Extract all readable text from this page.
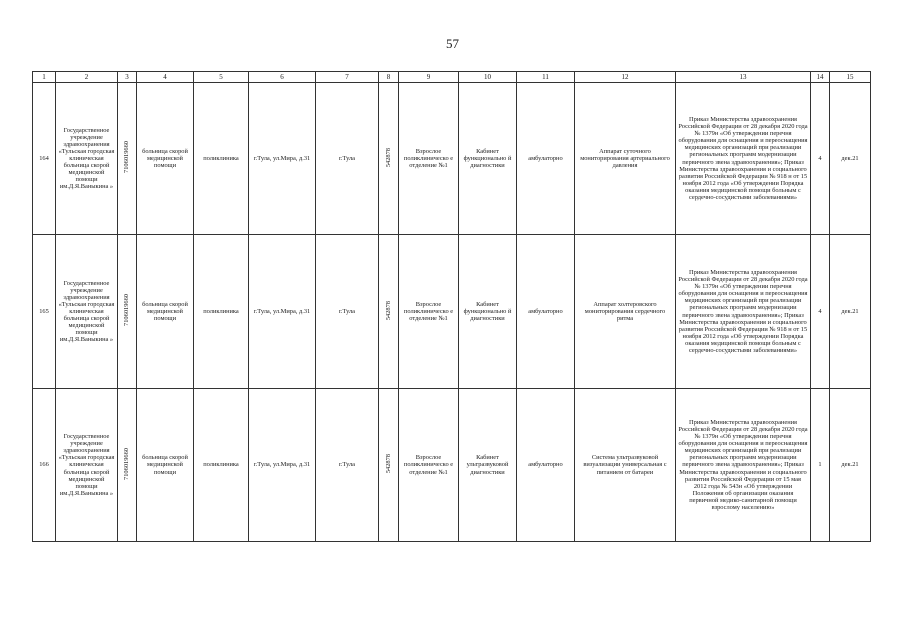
57
1	2	3	4	5	6	7	8	9	10	11	12	13	14	15
164	Государственное учреждение здравоохранения «Тульская городская клиническая больница скорой медицинской помощи им.Д.Я.Ваныкина »	7106019660	больница скорой медицинской помощи	поликлиника	г.Тула, ул.Мира, д.31	г.Тула	542878	Взрослое поликлиническо е отделение №1	Кабинет функционально й диагностики	амбулаторно	Аппарат суточного мониторирования артериального давления	Приказ Министерства здравоохранения Российской Федерации от 28 декабря 2020 года № 1379н «Об утверждении перечня оборудования для оснащения и переоснащения медицинских организаций при реализации региональных программ модернизации первичного звена здравоохранения»; Приказ Министерства здравоохранения и социального развития Российской Федерации № 918 н от 15 ноября 2012 года «Об утверждении Порядка оказания медицинской помощи больным с сердечно-сосудистыми заболеваниями»	4	дек.21
165	Государственное учреждение здравоохранения «Тульская городская клиническая больница скорой медицинской помощи им.Д.Я.Ваныкина »	7106019660	больница скорой медицинской помощи	поликлиника	г.Тула, ул.Мира, д.31	г.Тула	542878	Взрослое поликлиническо е отделение №1	Кабинет функционально й диагностики	амбулаторно	Аппарат холтеровского мониторирования сердечного ритма	Приказ Министерства здравоохранения Российской Федерации от 28 декабря 2020 года № 1379н «Об утверждении перечня оборудования для оснащения и переоснащения медицинских организаций при реализации региональных программ модернизации первичного звена здравоохранения»; Приказ Министерства здравоохранения и социального развития Российской Федерации № 918 н от 15 ноября 2012 года «Об утверждении Порядка оказания медицинской помощи больным с сердечно-сосудистыми заболеваниями»	4	дек.21
166	Государственное учреждение здравоохранения «Тульская городская клиническая больница скорой медицинской помощи им.Д.Я.Ваныкина »	7106019660	больница скорой медицинской помощи	поликлиника	г.Тула, ул.Мира, д.31	г.Тула	542878	Взрослое поликлиническо е отделение №1	Кабинет ультразвуковой диагностики	амбулаторно	Система ультразвуковой визуализации универсальная с питанием от батареи	Приказ Министерства здравоохранения Российской Федерации от 28 декабря 2020 года № 1379н «Об утверждении перечня оборудования для оснащения и переоснащения медицинских организаций при реализации региональных программ модернизации первичного звена здравоохранения»; Приказ Министерства здравоохранения и социального развития Российской Федерации от 15 мая 2012 года № 543н «Об утверждении Положения об организации оказания первичной медико-санитарной помощи взрослому населению»	1	дек.21
